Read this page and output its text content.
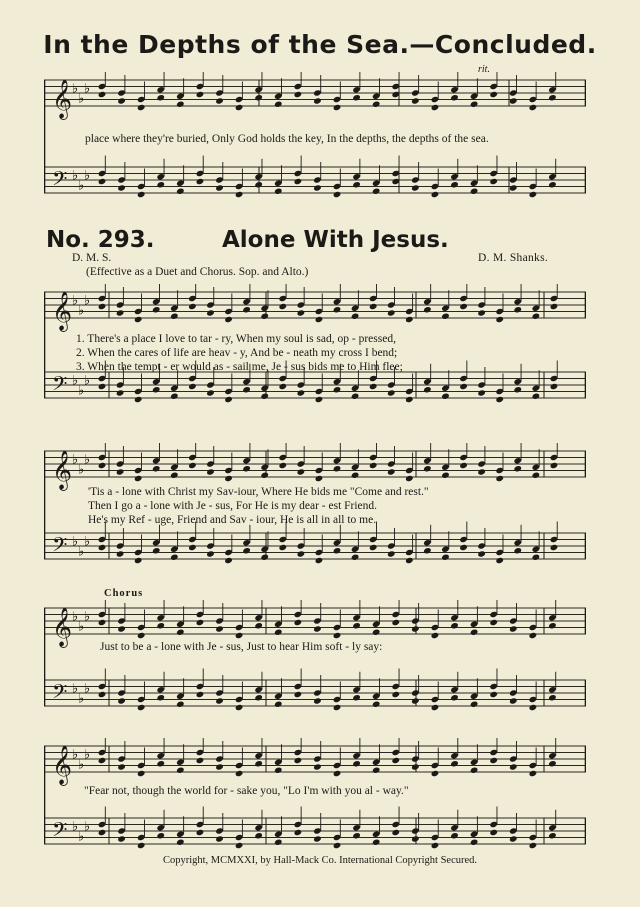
In the Depths of the Sea.—Concluded.
rit.
𝄞 ♭
♭
♭
𝄢 ♭
♭
♭
place where they're buried, Only God holds the key, In the depths, the depths of the sea.
No. 293.	Alone With Jesus.
D. M. S.	D. M. Shanks.
(Effective as a Duet and Chorus. Sop. and Alto.)
𝄞 ♭
♭
♭
𝄢 ♭
♭
♭
1. There's a place I love to tar - ry, When my soul is sad, op - pressed,
2. When the cares of life are heav - y, And be - neath my cross I bend;
3. When the tempt - er would as - sail me, Je - sus bids me to Him flee;
𝄞 ♭
♭
♭
𝄢 ♭
♭
♭
'Tis a - lone with Christ my Sav-iour, Where He bids me "Come and rest."
Then I go a - lone with Je - sus, For He is my dear - est Friend.
He's my Ref - uge, Friend and Sav - iour, He is all in all to me.
Chorus
𝄞 ♭
♭
♭
𝄢 ♭
♭
♭
Just to be a - lone with Je - sus, Just to hear Him soft - ly say:
𝄞 ♭
♭
♭
𝄢 ♭
♭
♭
"Fear not, though the world for - sake you, "Lo I'm with you al - way."
Copyright, MCMXXI, by Hall-Mack Co. International Copyright Secured.
